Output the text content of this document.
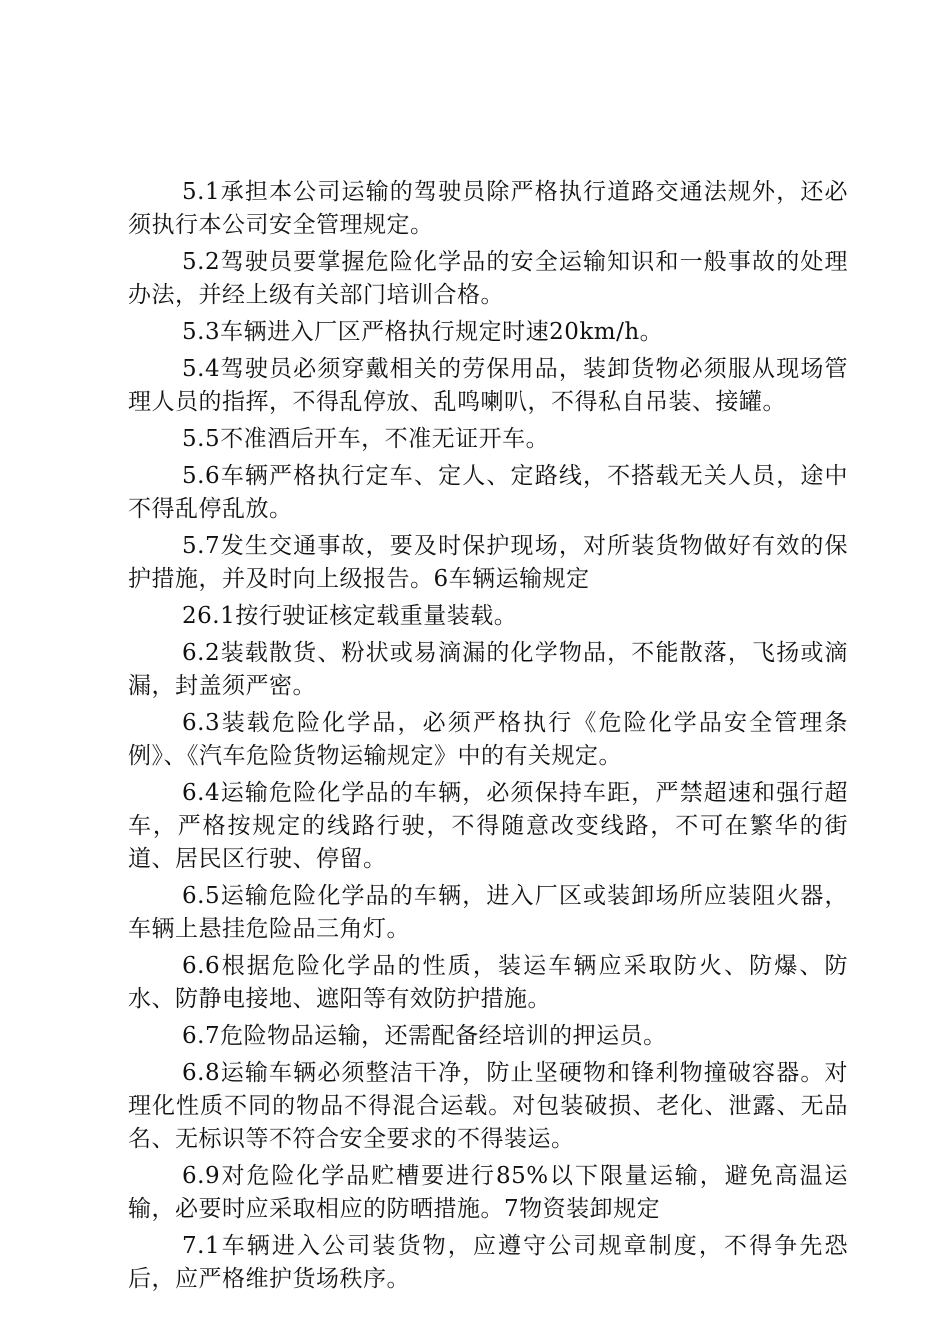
5.1承担本公司运输的驾驶员除严格执行道路交通法规外，还必须执行本公司安全管理规定。

5.2驾驶员要掌握危险化学品的安全运输知识和一般事故的处理办法，并经上级有关部门培训合格。

5.3车辆进入厂区严格执行规定时速20km/h。

5.4驾驶员必须穿戴相关的劳保用品，装卸货物必须服从现场管理人员的指挥，不得乱停放、乱鸣喇叭，不得私自吊装、接罐。

5.5不准酒后开车，不准无证开车。

5.6车辆严格执行定车、定人、定路线，不搭载无关人员，途中不得乱停乱放。

5.7发生交通事故，要及时保护现场，对所装货物做好有效的保护措施，并及时向上级报告。6车辆运输规定

26.1按行驶证核定载重量装载。

6.2装载散货、粉状或易滴漏的化学物品，不能散落，飞扬或滴漏，封盖须严密。

6.3装载危险化学品，必须严格执行《危险化学品安全管理条例》、《汽车危险货物运输规定》中的有关规定。

6.4运输危险化学品的车辆，必须保持车距，严禁超速和强行超车，严格按规定的线路行驶，不得随意改变线路，不可在繁华的街道、居民区行驶、停留。

6.5运输危险化学品的车辆，进入厂区或装卸场所应装阻火器，车辆上悬挂危险品三角灯。

6.6根据危险化学品的性质，装运车辆应采取防火、防爆、防水、防静电接地、遮阳等有效防护措施。

6.7危险物品运输，还需配备经培训的押运员。

6.8运输车辆必须整洁干净，防止坚硬物和锋利物撞破容器。对理化性质不同的物品不得混合运载。对包装破损、老化、泄露、无品名、无标识等不符合安全要求的不得装运。

6.9对危险化学品贮槽要进行85%以下限量运输，避免高温运输，必要时应采取相应的防晒措施。7物资装卸规定

7.1车辆进入公司装货物，应遵守公司规章制度，不得争先恐后，应严格维护货场秩序。
